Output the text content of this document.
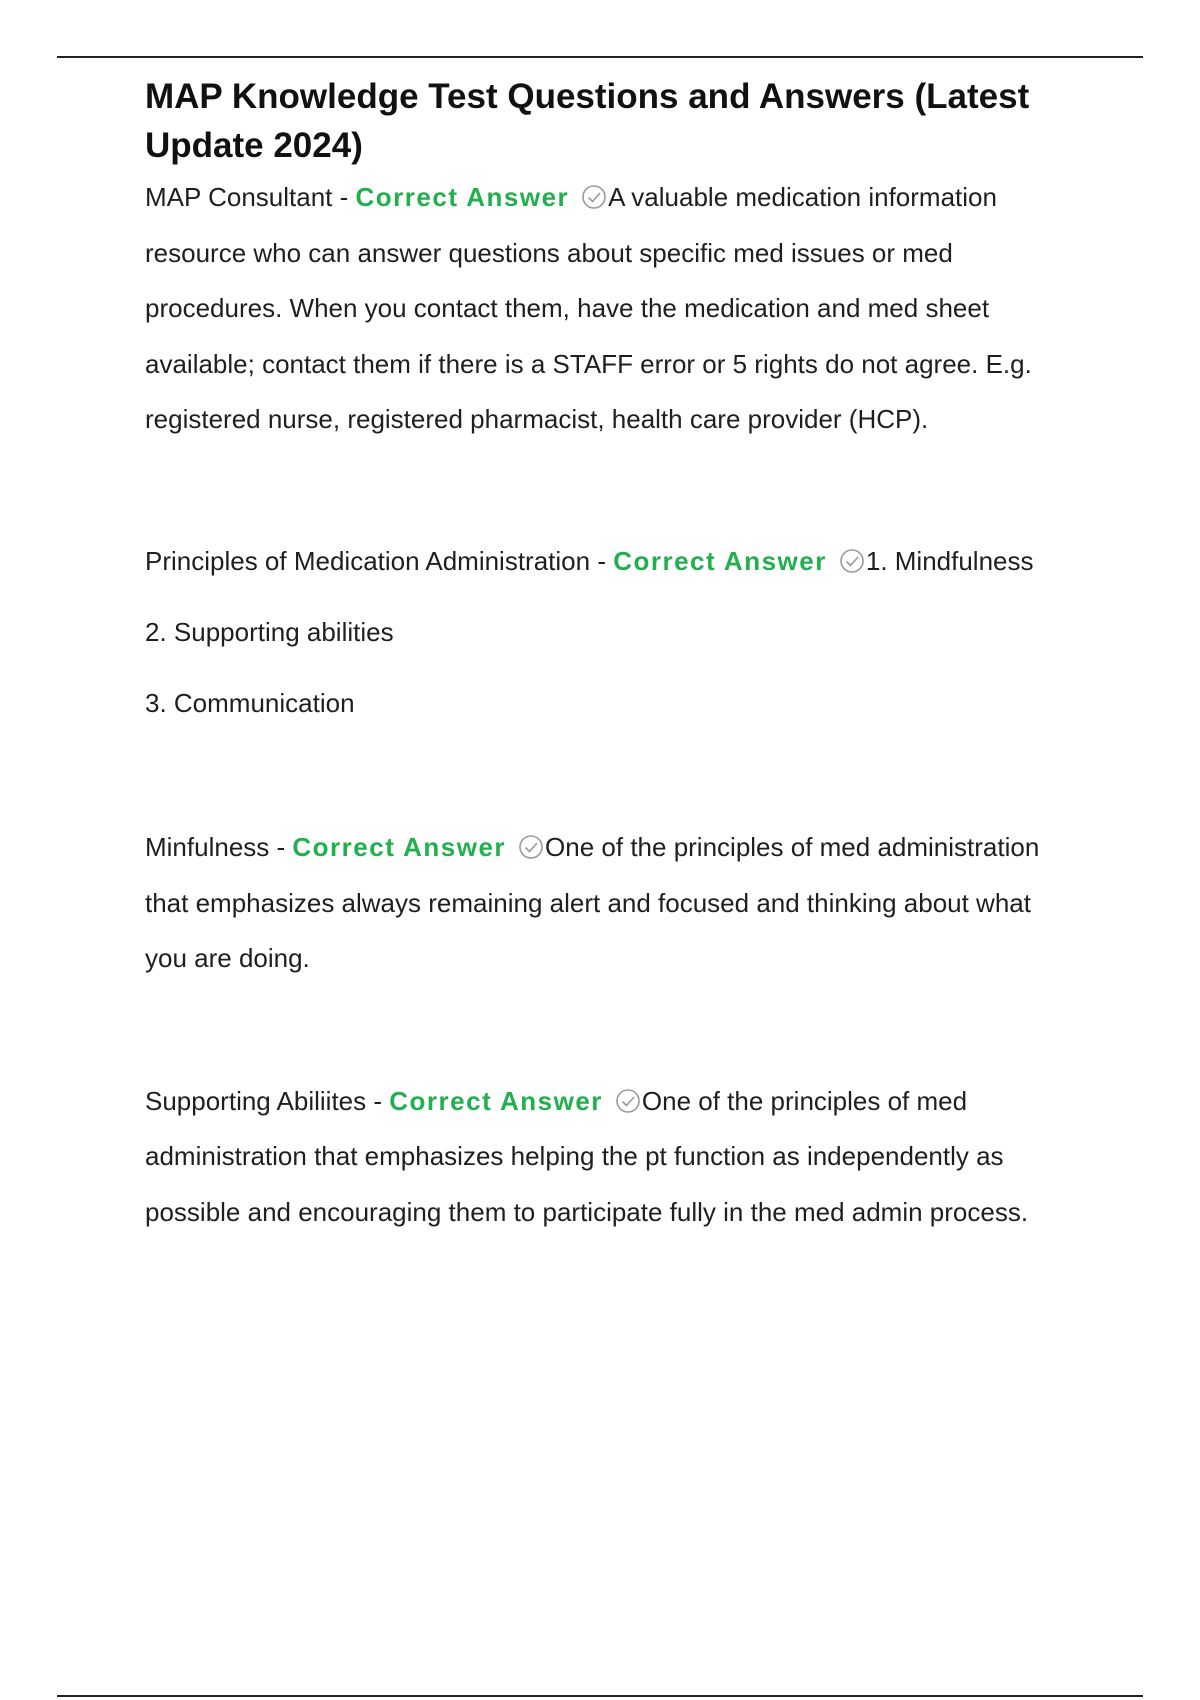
MAP Knowledge Test Questions and Answers (Latest Update 2024)

MAP Consultant - Correct Answer A valuable medication information resource who can answer questions about specific med issues or med procedures. When you contact them, have the medication and med sheet available; contact them if there is a STAFF error or 5 rights do not agree. E.g. registered nurse, registered pharmacist, health care provider (HCP).

Principles of Medication Administration - Correct Answer 1. Mindfulness

2. Supporting abilities

3. Communication

Minfulness - Correct Answer One of the principles of med administration that emphasizes always remaining alert and focused and thinking about what you are doing.

Supporting Abiliites - Correct Answer One of the principles of med administration that emphasizes helping the pt function as independently as possible and encouraging them to participate fully in the med admin process.
